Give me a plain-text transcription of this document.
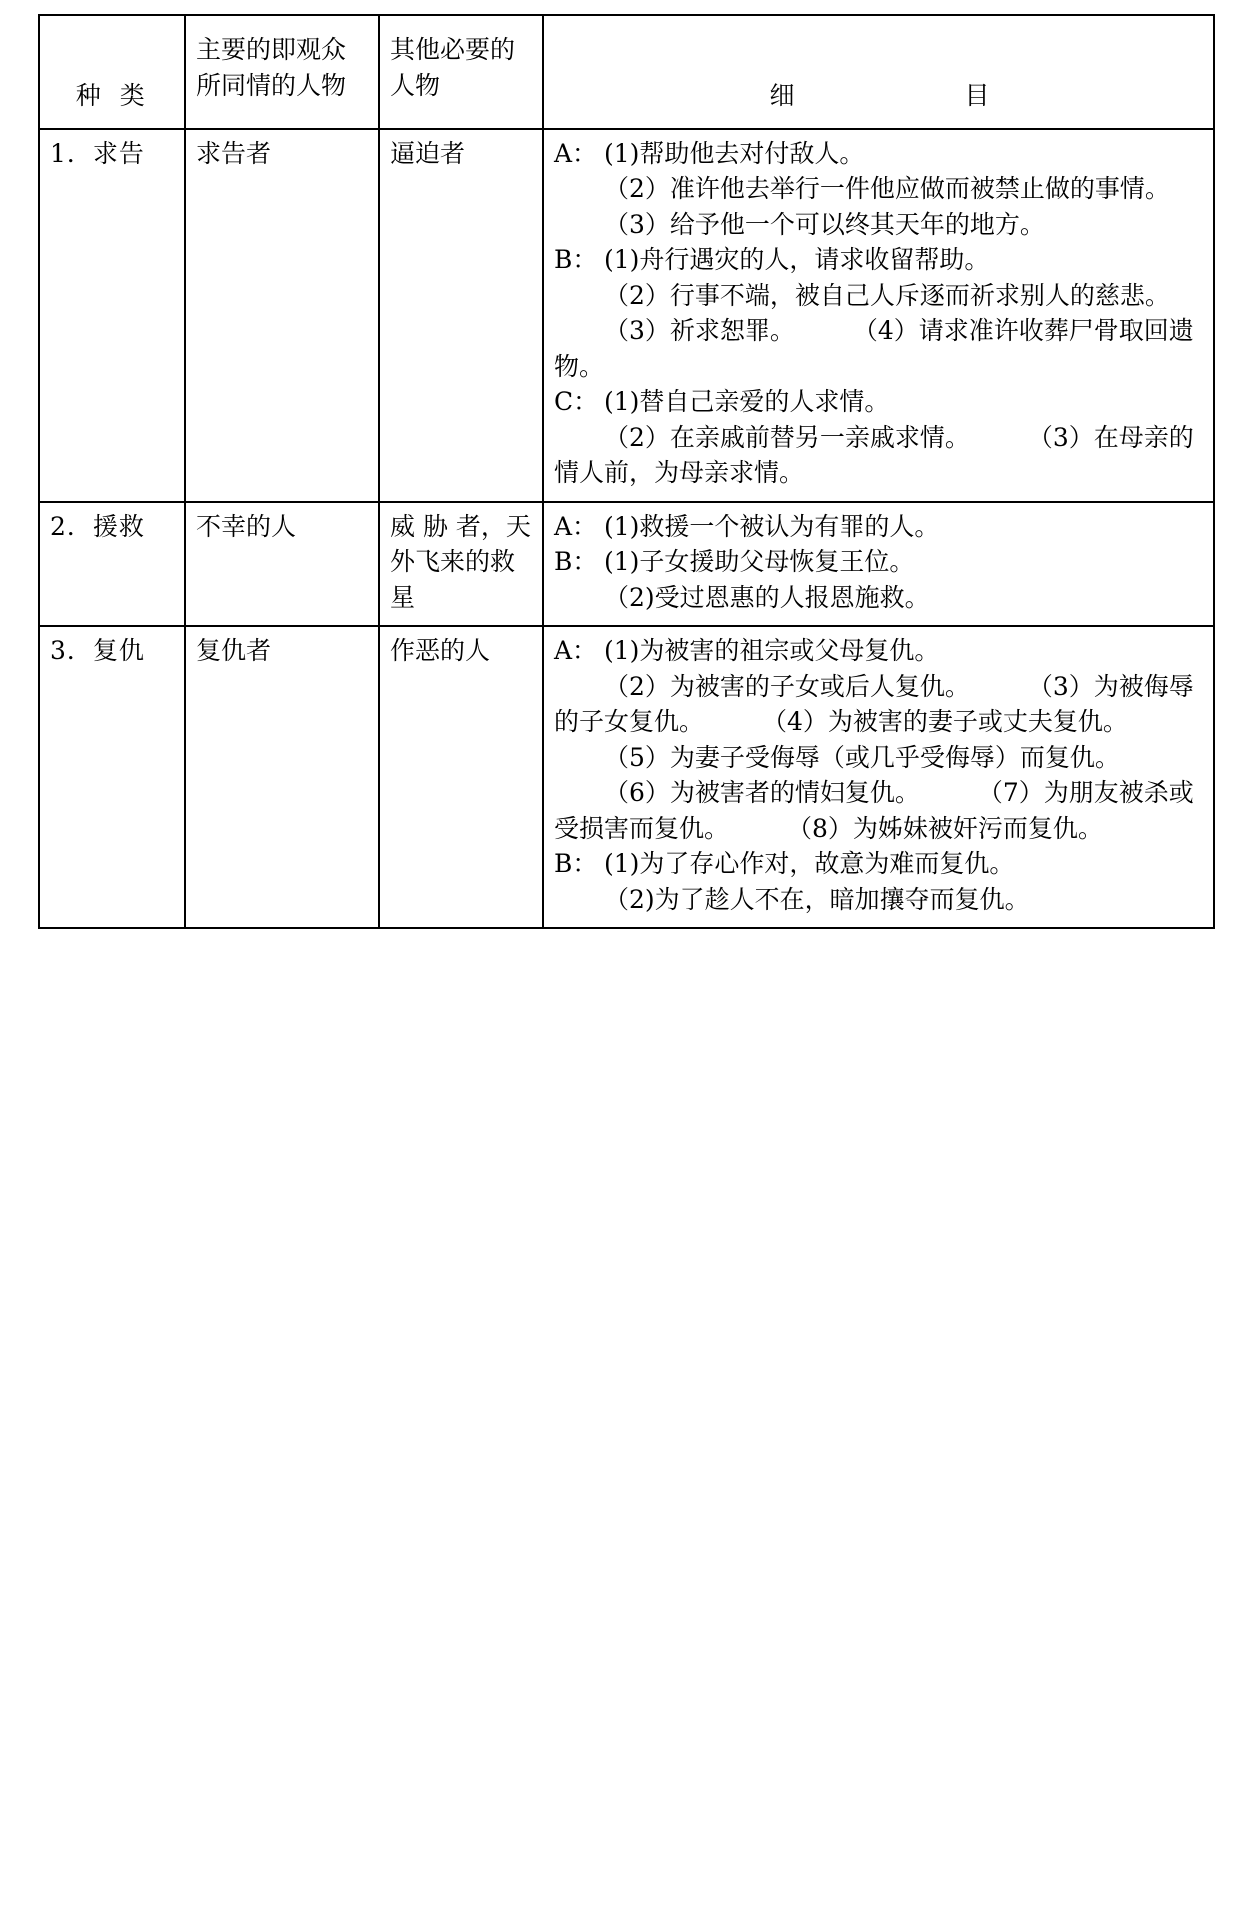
种 类	主要的即观众所同情的人物	其他必要的人物	细 目
1．求告	求告者	逼迫者	A： (1)帮助他去对付敌人。
（2）准许他去举行一件他应做而被禁止做的事情。 （3）给予他一个可以终其天年的地方。
B： (1)舟行遇灾的人，请求收留帮助。
（2）行事不端，被自己人斥逐而祈求别人的慈悲。 （3）祈求恕罪。 （4）请求准许收葬尸骨取回遗物。
C： (1)替自己亲爱的人求情。
（2）在亲戚前替另一亲戚求情。 （3）在母亲的情人前，为母亲求情。

2．援救	不幸的人	威 胁 者，天外飞来的救星	A： (1)救援一个被认为有罪的人。
B： (1)子女援助父母恢复王位。
（2)受过恩惠的人报恩施救。

3．复仇	复仇者	作恶的人	A： (1)为被害的祖宗或父母复仇。
（2）为被害的子女或后人复仇。 （3）为被侮辱的子女复仇。 （4）为被害的妻子或丈夫复仇。 （5）为妻子受侮辱（或几乎受侮辱）而复仇。 （6）为被害者的情妇复仇。 （7）为朋友被杀或受损害而复仇。 （8）为姊妹被奸污而复仇。
B： (1)为了存心作对，故意为难而复仇。
（2)为了趁人不在，暗加攘夺而复仇。
